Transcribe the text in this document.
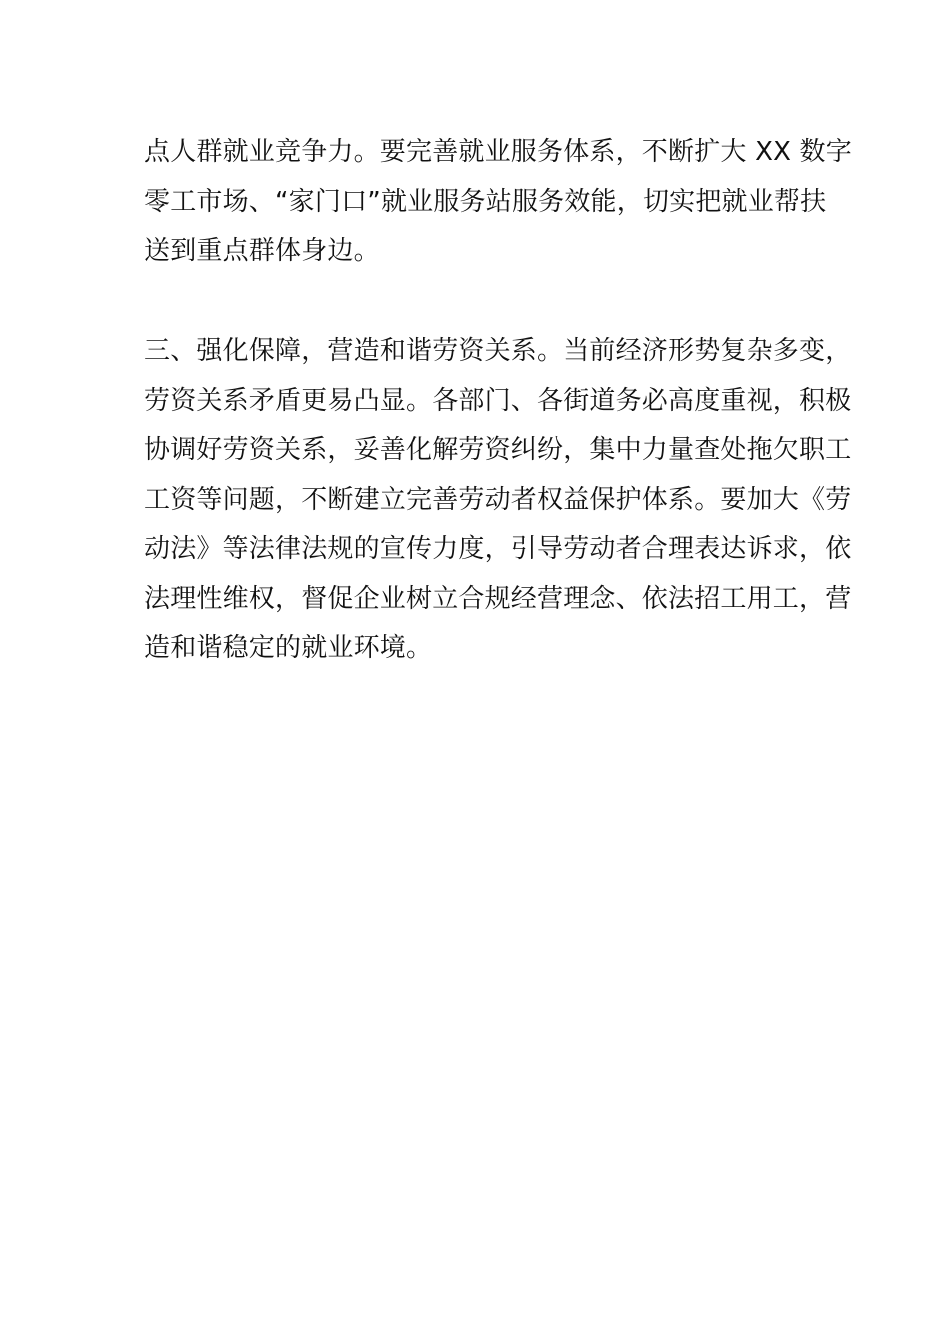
点人群就业竞争力。要完善就业服务体系，不断扩大 XX 数字
零工市场、“家门口”就业服务站服务效能，切实把就业帮扶
送到重点群体身边。

三、强化保障，营造和谐劳资关系。当前经济形势复杂多变，
劳资关系矛盾更易凸显。各部门、各街道务必高度重视，积极
协调好劳资关系，妥善化解劳资纠纷，集中力量查处拖欠职工
工资等问题，不断建立完善劳动者权益保护体系。要加大《劳
动法》等法律法规的宣传力度，引导劳动者合理表达诉求，依
法理性维权，督促企业树立合规经营理念、依法招工用工，营
造和谐稳定的就业环境。
